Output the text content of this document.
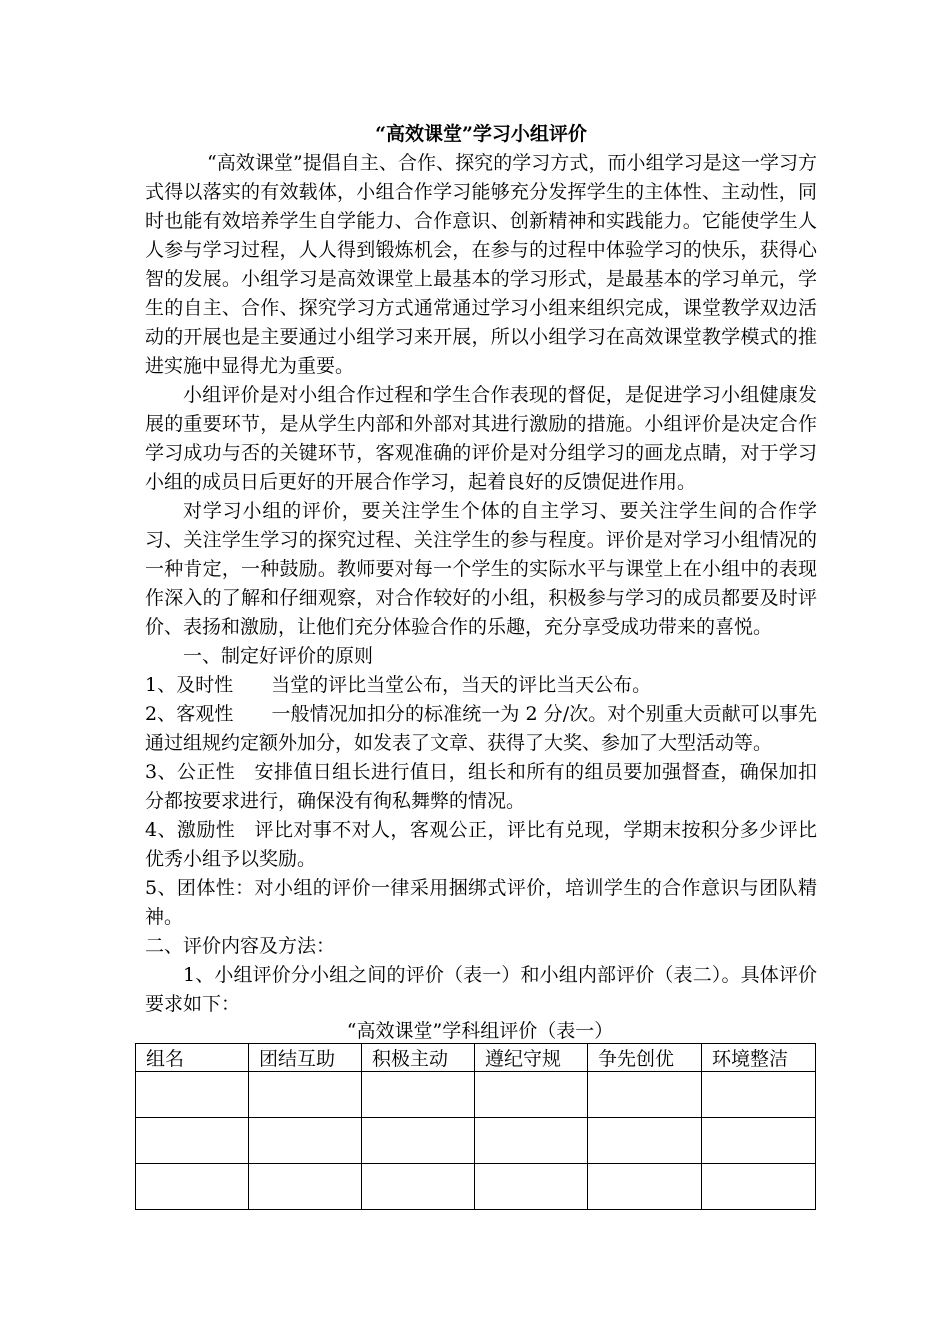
“高效课堂”学习小组评价

“高效课堂”提倡自主、合作、探究的学习方式，而小组学习是这一学习方式得以落实的有效载体，小组合作学习能够充分发挥学生的主体性、主动性，同时也能有效培养学生自学能力、合作意识、创新精神和实践能力。它能使学生人人参与学习过程，人人得到锻炼机会，在参与的过程中体验学习的快乐，获得心智的发展。小组学习是高效课堂上最基本的学习形式，是最基本的学习单元，学生的自主、合作、探究学习方式通常通过学习小组来组织完成，课堂教学双边活动的开展也是主要通过小组学习来开展，所以小组学习在高效课堂教学模式的推进实施中显得尤为重要。

小组评价是对小组合作过程和学生合作表现的督促，是促进学习小组健康发展的重要环节，是从学生内部和外部对其进行激励的措施。小组评价是决定合作学习成功与否的关键环节，客观准确的评价是对分组学习的画龙点睛，对于学习小组的成员日后更好的开展合作学习，起着良好的反馈促进作用。

对学习小组的评价，要关注学生个体的自主学习、要关注学生间的合作学习、关注学生学习的探究过程、关注学生的参与程度。评价是对学习小组情况的一种肯定，一种鼓励。教师要对每一个学生的实际水平与课堂上在小组中的表现作深入的了解和仔细观察，对合作较好的小组，积极参与学习的成员都要及时评价、表扬和激励，让他们充分体验合作的乐趣，充分享受成功带来的喜悦。

一、制定好评价的原则

1、及时性　　当堂的评比当堂公布，当天的评比当天公布。

2、客观性　　一般情况加扣分的标准统一为 2 分/次。对个别重大贡献可以事先通过组规约定额外加分，如发表了文章、获得了大奖、参加了大型活动等。

3、公正性　安排值日组长进行值日，组长和所有的组员要加强督查，确保加扣分都按要求进行，确保没有徇私舞弊的情况。

4、激励性　评比对事不对人，客观公正，评比有兑现，学期末按积分多少评比优秀小组予以奖励。

5、团体性：对小组的评价一律采用捆绑式评价，培训学生的合作意识与团队精神。

二、评价内容及方法：

1、小组评价分小组之间的评价（表一）和小组内部评价（表二）。具体评价要求如下：

“高效课堂”学科组评价（表一）
组名	团结互助	积极主动	遵纪守规	争先创优	环境整洁
